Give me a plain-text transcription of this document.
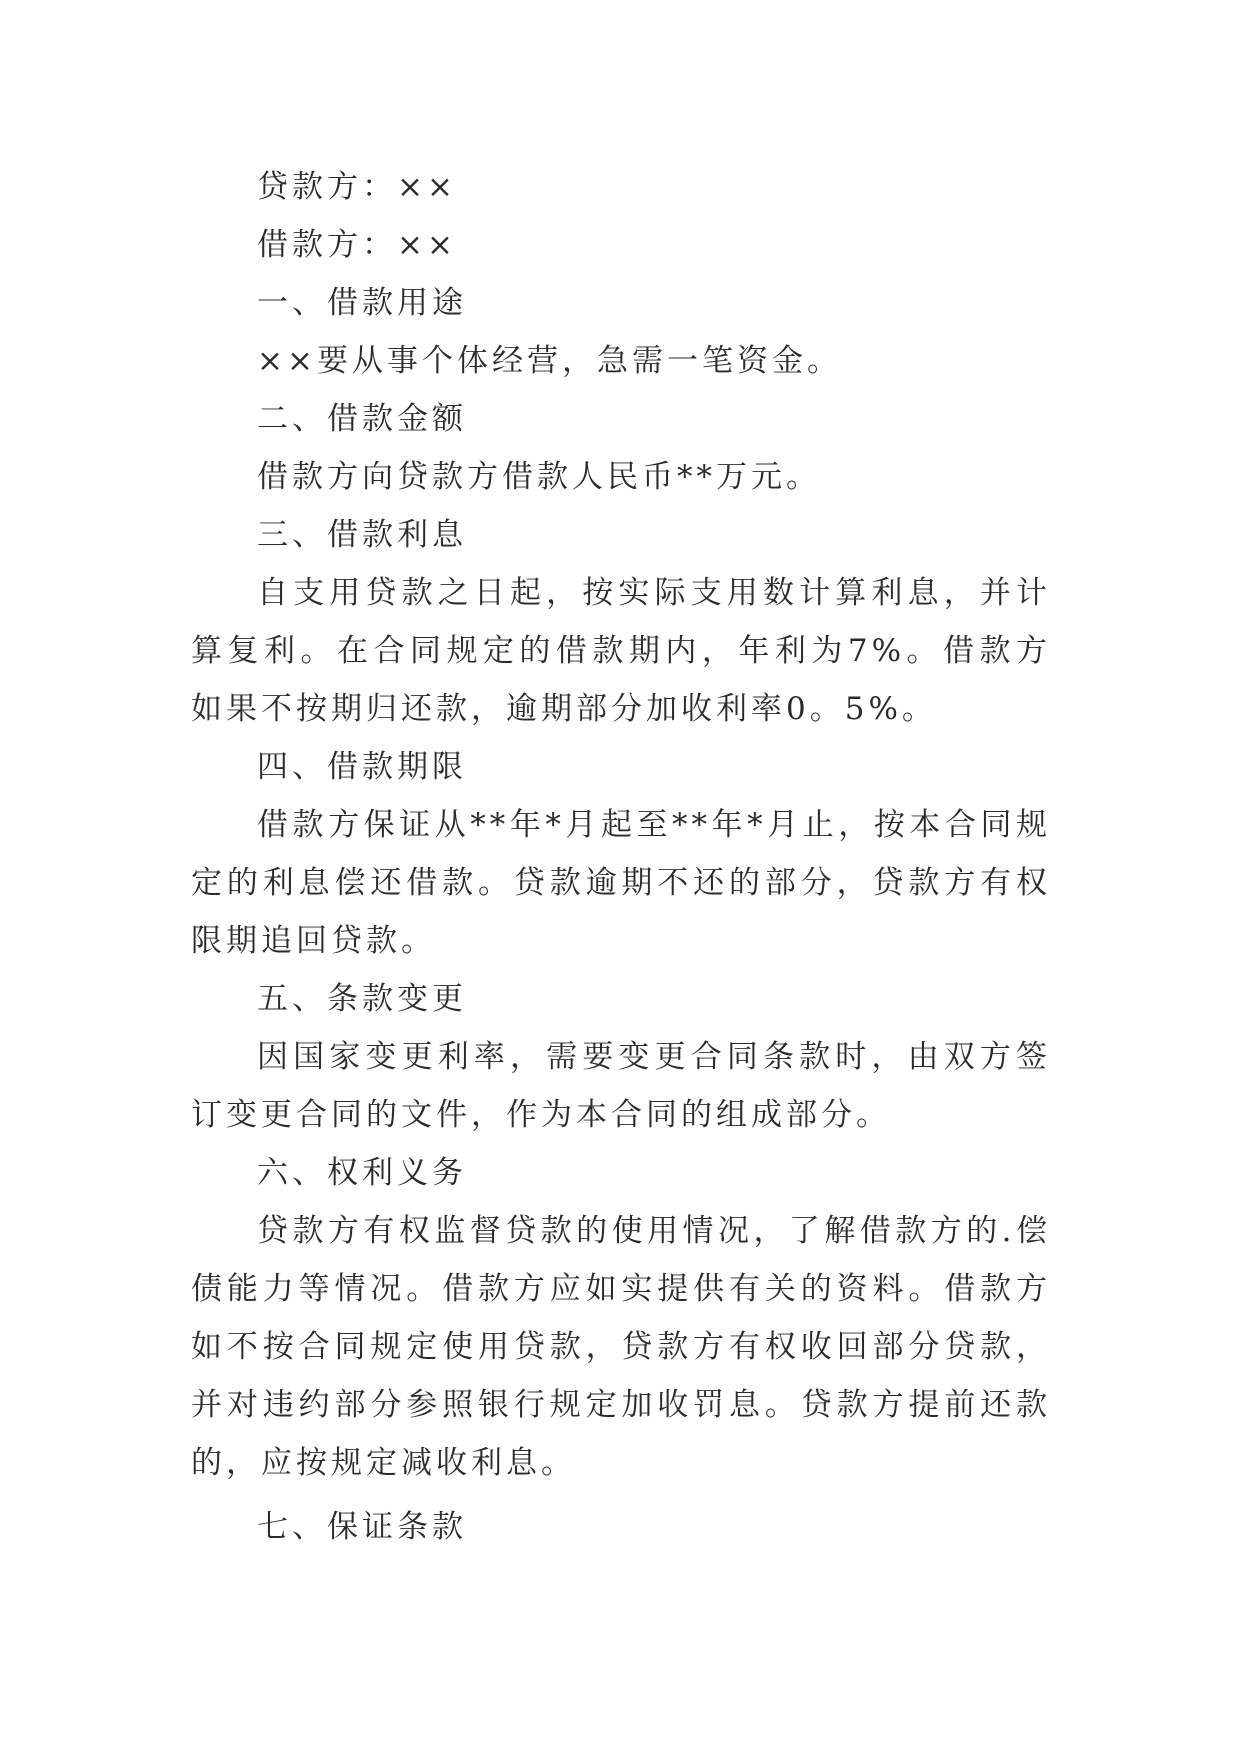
贷款方：××

借款方：××

一、借款用途

××要从事个体经营，急需一笔资金。

二、借款金额

借款方向贷款方借款人民币**万元。

三、借款利息

自支用贷款之日起，按实际支用数计算利息，并计算复利。在合同规定的借款期内，年利为7%。借款方如果不按期归还款，逾期部分加收利率0。5%。

四、借款期限

借款方保证从**年*月起至**年*月止，按本合同规定的利息偿还借款。贷款逾期不还的部分，贷款方有权限期追回贷款。

五、条款变更

因国家变更利率，需要变更合同条款时，由双方签订变更合同的文件，作为本合同的组成部分。

六、权利义务

贷款方有权监督贷款的使用情况，了解借款方的.偿债能力等情况。借款方应如实提供有关的资料。借款方如不按合同规定使用贷款，贷款方有权收回部分贷款，并对违约部分参照银行规定加收罚息。贷款方提前还款的，应按规定减收利息。

七、保证条款
